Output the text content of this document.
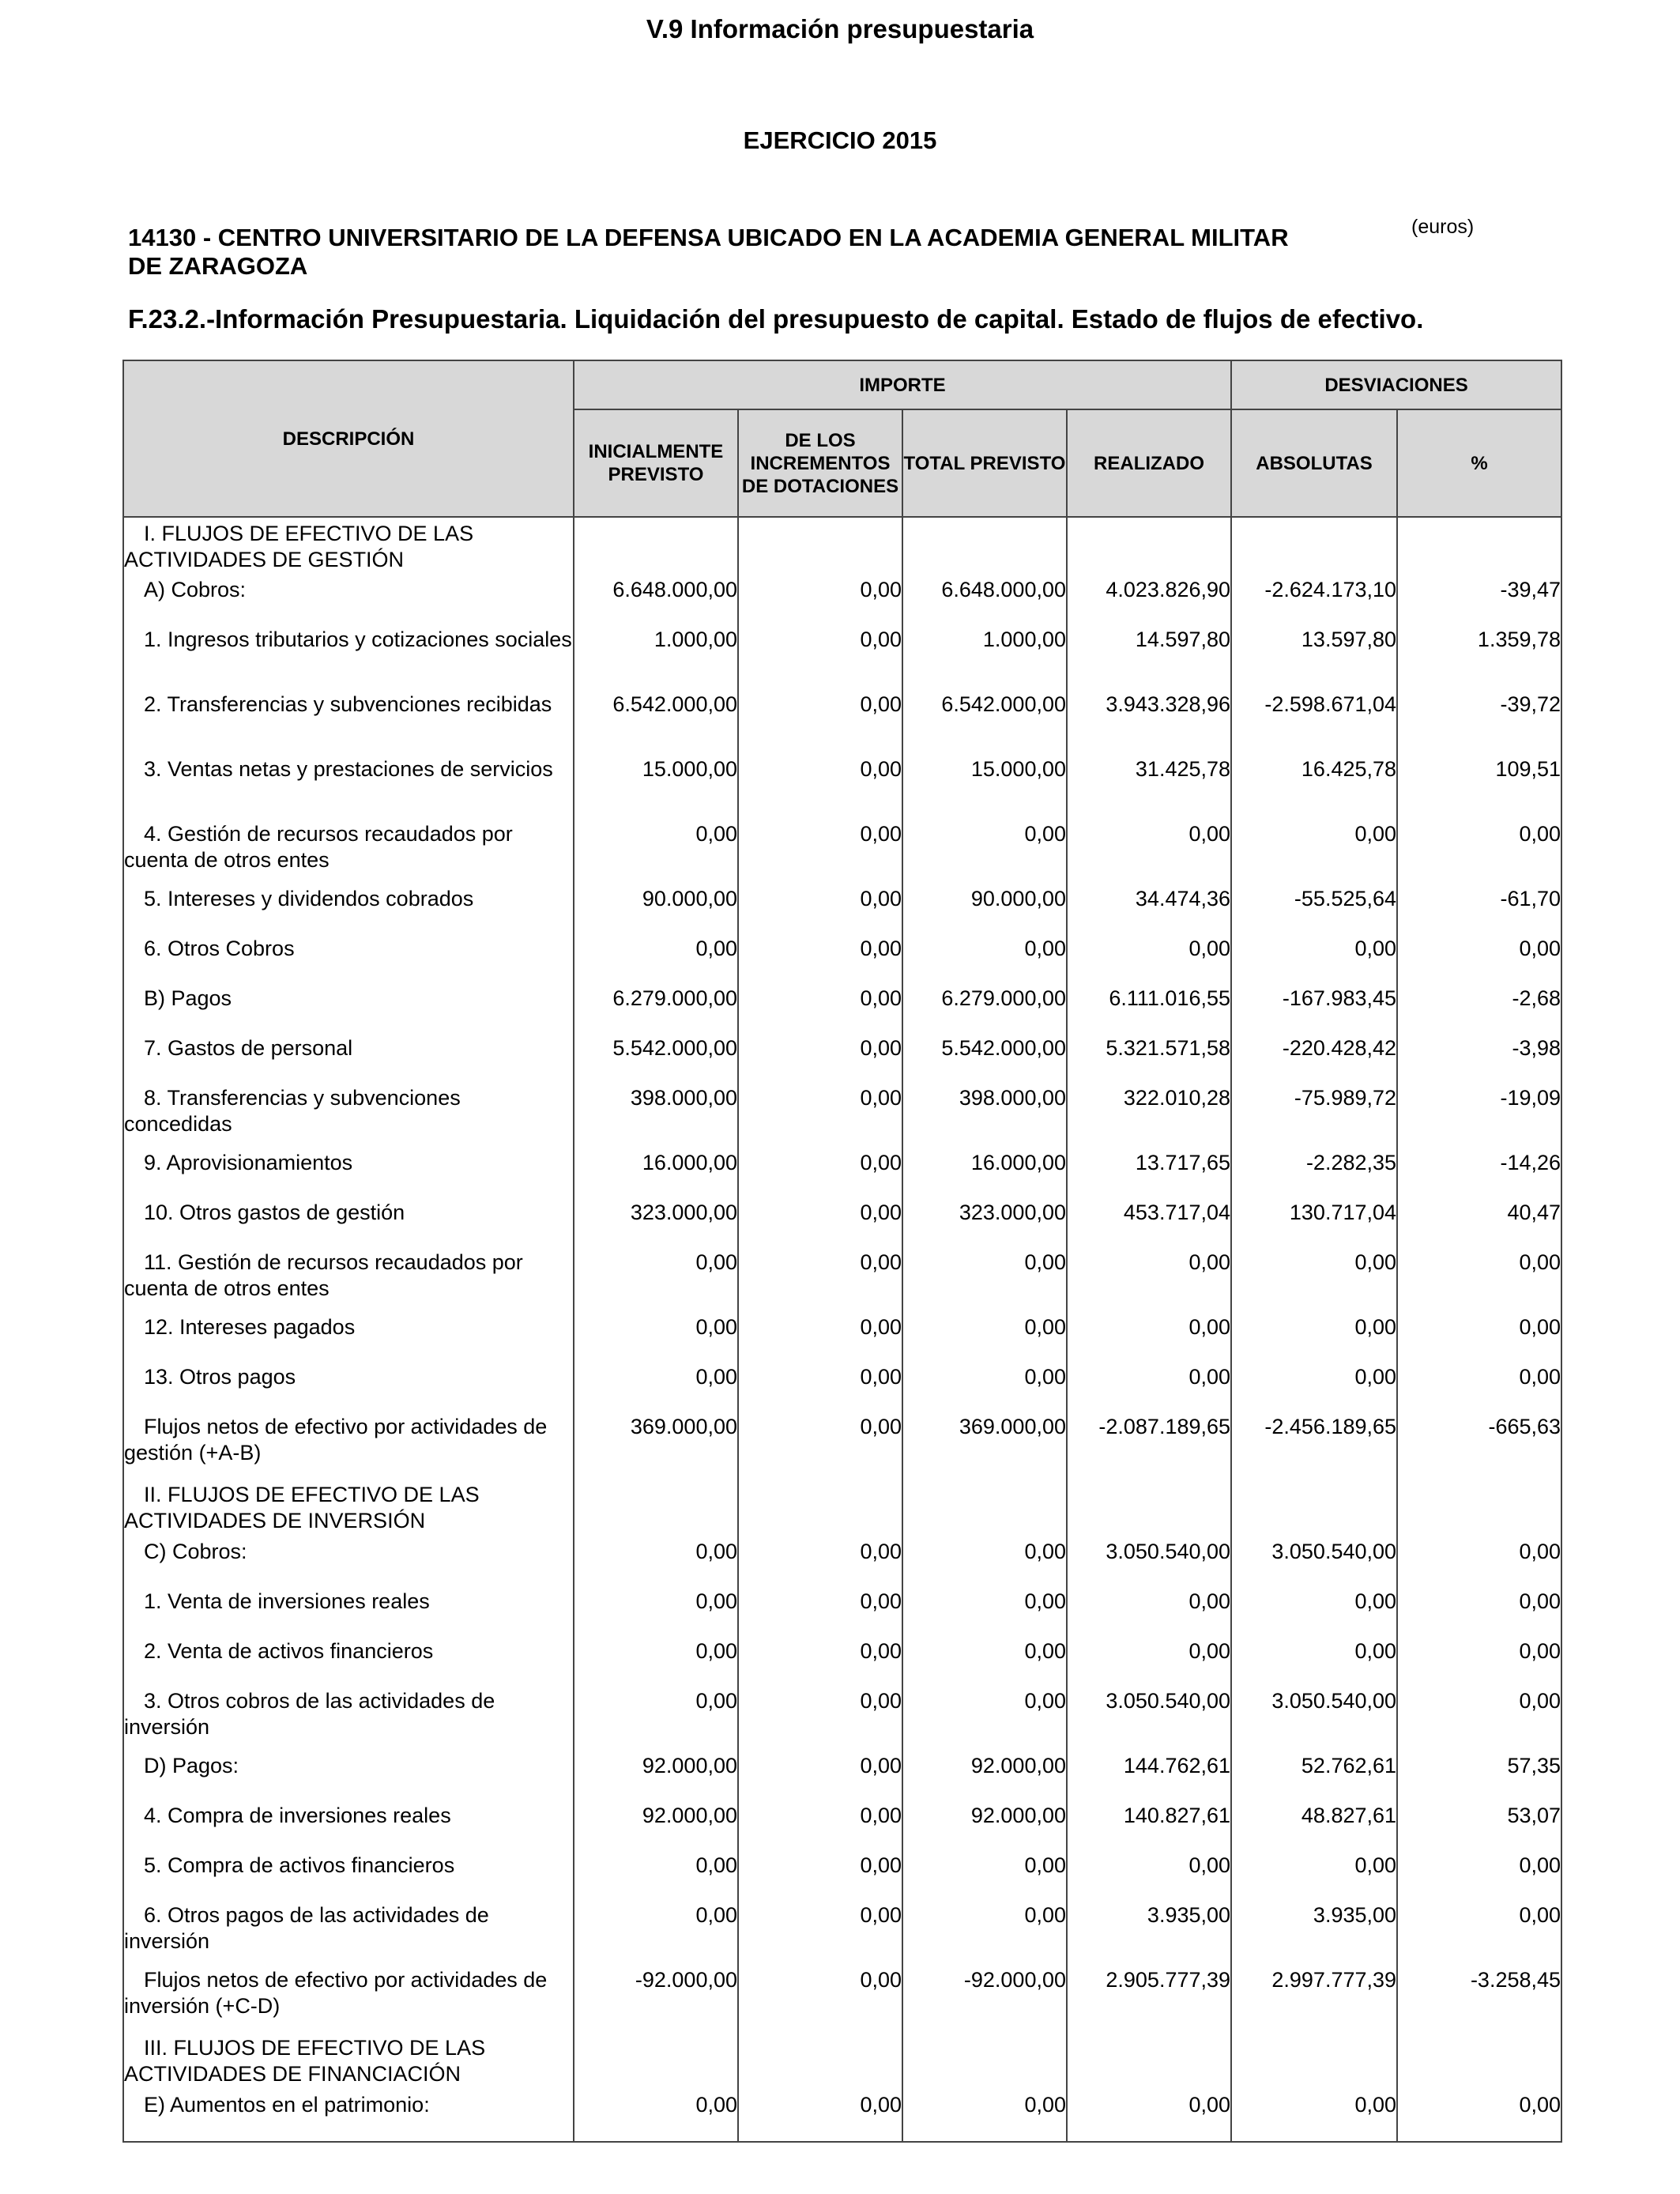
V.9 Información presupuestaria
EJERCICIO 2015
14130 - CENTRO UNIVERSITARIO DE LA DEFENSA UBICADO EN LA ACADEMIA GENERAL MILITAR DE ZARAGOZA
(euros)
F.23.2.-Información Presupuestaria. Liquidación del presupuesto de capital. Estado de flujos de efectivo.
DESCRIPCIÓN	IMPORTE				DESVIACIONES	
	INICIALMENTE PREVISTO	DE LOS INCREMENTOS DE DOTACIONES	TOTAL PREVISTO	REALIZADO	ABSOLUTAS	%
I. FLUJOS DE EFECTIVO DE LAS ACTIVIDADES DE GESTIÓN						
A) Cobros:	6.648.000,00	0,00	6.648.000,00	4.023.826,90	-2.624.173,10	-39,47
1. Ingresos tributarios y cotizaciones sociales	1.000,00	0,00	1.000,00	14.597,80	13.597,80	1.359,78
2. Transferencias y subvenciones recibidas	6.542.000,00	0,00	6.542.000,00	3.943.328,96	-2.598.671,04	-39,72
3. Ventas netas y prestaciones de servicios	15.000,00	0,00	15.000,00	31.425,78	16.425,78	109,51
4. Gestión de recursos recaudados por cuenta de otros entes	0,00	0,00	0,00	0,00	0,00	0,00
5. Intereses y dividendos cobrados	90.000,00	0,00	90.000,00	34.474,36	-55.525,64	-61,70
6. Otros Cobros	0,00	0,00	0,00	0,00	0,00	0,00
B) Pagos	6.279.000,00	0,00	6.279.000,00	6.111.016,55	-167.983,45	-2,68
7. Gastos de personal	5.542.000,00	0,00	5.542.000,00	5.321.571,58	-220.428,42	-3,98
8. Transferencias y subvenciones concedidas	398.000,00	0,00	398.000,00	322.010,28	-75.989,72	-19,09
9. Aprovisionamientos	16.000,00	0,00	16.000,00	13.717,65	-2.282,35	-14,26
10. Otros gastos de gestión	323.000,00	0,00	323.000,00	453.717,04	130.717,04	40,47
11. Gestión de recursos recaudados por cuenta de otros entes	0,00	0,00	0,00	0,00	0,00	0,00
12. Intereses pagados	0,00	0,00	0,00	0,00	0,00	0,00
13. Otros pagos	0,00	0,00	0,00	0,00	0,00	0,00
Flujos netos de efectivo por actividades de gestión (+A-B)	369.000,00	0,00	369.000,00	-2.087.189,65	-2.456.189,65	-665,63
II. FLUJOS DE EFECTIVO DE LAS ACTIVIDADES DE INVERSIÓN						
C) Cobros:	0,00	0,00	0,00	3.050.540,00	3.050.540,00	0,00
1. Venta de inversiones reales	0,00	0,00	0,00	0,00	0,00	0,00
2. Venta de activos financieros	0,00	0,00	0,00	0,00	0,00	0,00
3. Otros cobros de las actividades de inversión	0,00	0,00	0,00	3.050.540,00	3.050.540,00	0,00
D) Pagos:	92.000,00	0,00	92.000,00	144.762,61	52.762,61	57,35
4. Compra de inversiones reales	92.000,00	0,00	92.000,00	140.827,61	48.827,61	53,07
5. Compra de activos financieros	0,00	0,00	0,00	0,00	0,00	0,00
6. Otros pagos de las actividades de inversión	0,00	0,00	0,00	3.935,00	3.935,00	0,00
Flujos netos de efectivo por actividades de inversión (+C-D)	-92.000,00	0,00	-92.000,00	2.905.777,39	2.997.777,39	-3.258,45
III. FLUJOS DE EFECTIVO DE LAS ACTIVIDADES DE FINANCIACIÓN						
E) Aumentos en el patrimonio:	0,00	0,00	0,00	0,00	0,00	0,00
